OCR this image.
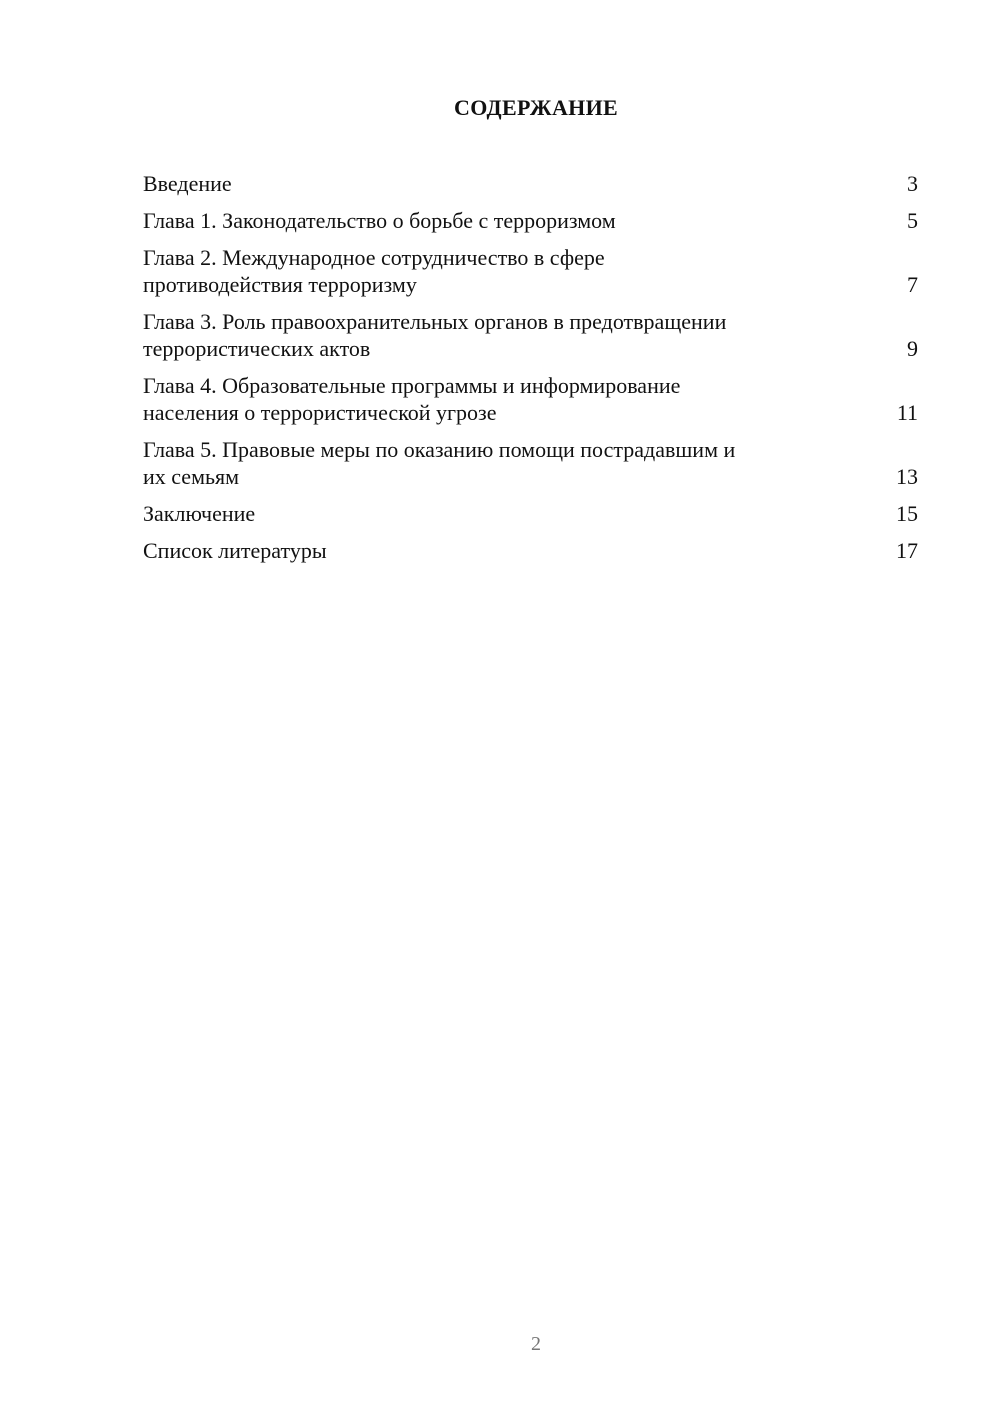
СОДЕРЖАНИЕ
Введение	3
Глава 1. Законодательство о борьбе с терроризмом	5
Глава 2. Международное сотрудничество в сфере
противодействия терроризму	7
Глава 3. Роль правоохранительных органов в предотвращении
террористических актов	9
Глава 4. Образовательные программы и информирование
населения о террористической угрозе	11
Глава 5. Правовые меры по оказанию помощи пострадавшим и
их семьям	13
Заключение	15
Список литературы	17
2
